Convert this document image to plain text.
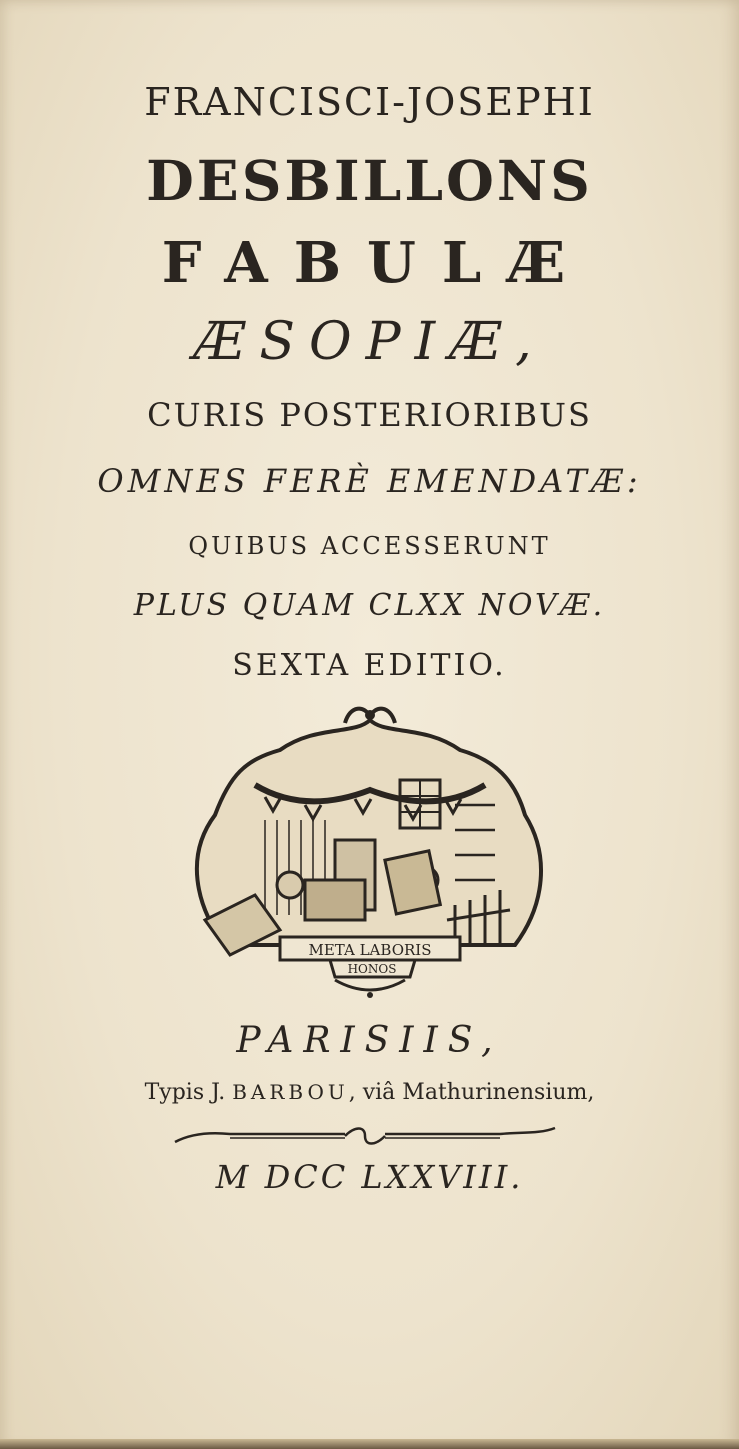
FRANCISCI-JOSEPHI
DESBILLONS
FABULÆ
ÆSOPIÆ,
CURIS POSTERIORIBUS
OMNES FERÈ EMENDATÆ:
QUIBUS ACCESSERUNT
PLUS QUAM CLXX NOVÆ.
SEXTA EDITIO.
META LABORIS
HONOS
PARISIIS,
Typis J. BARBOU, viâ Mathurinensium,
M DCC LXXVIII.
